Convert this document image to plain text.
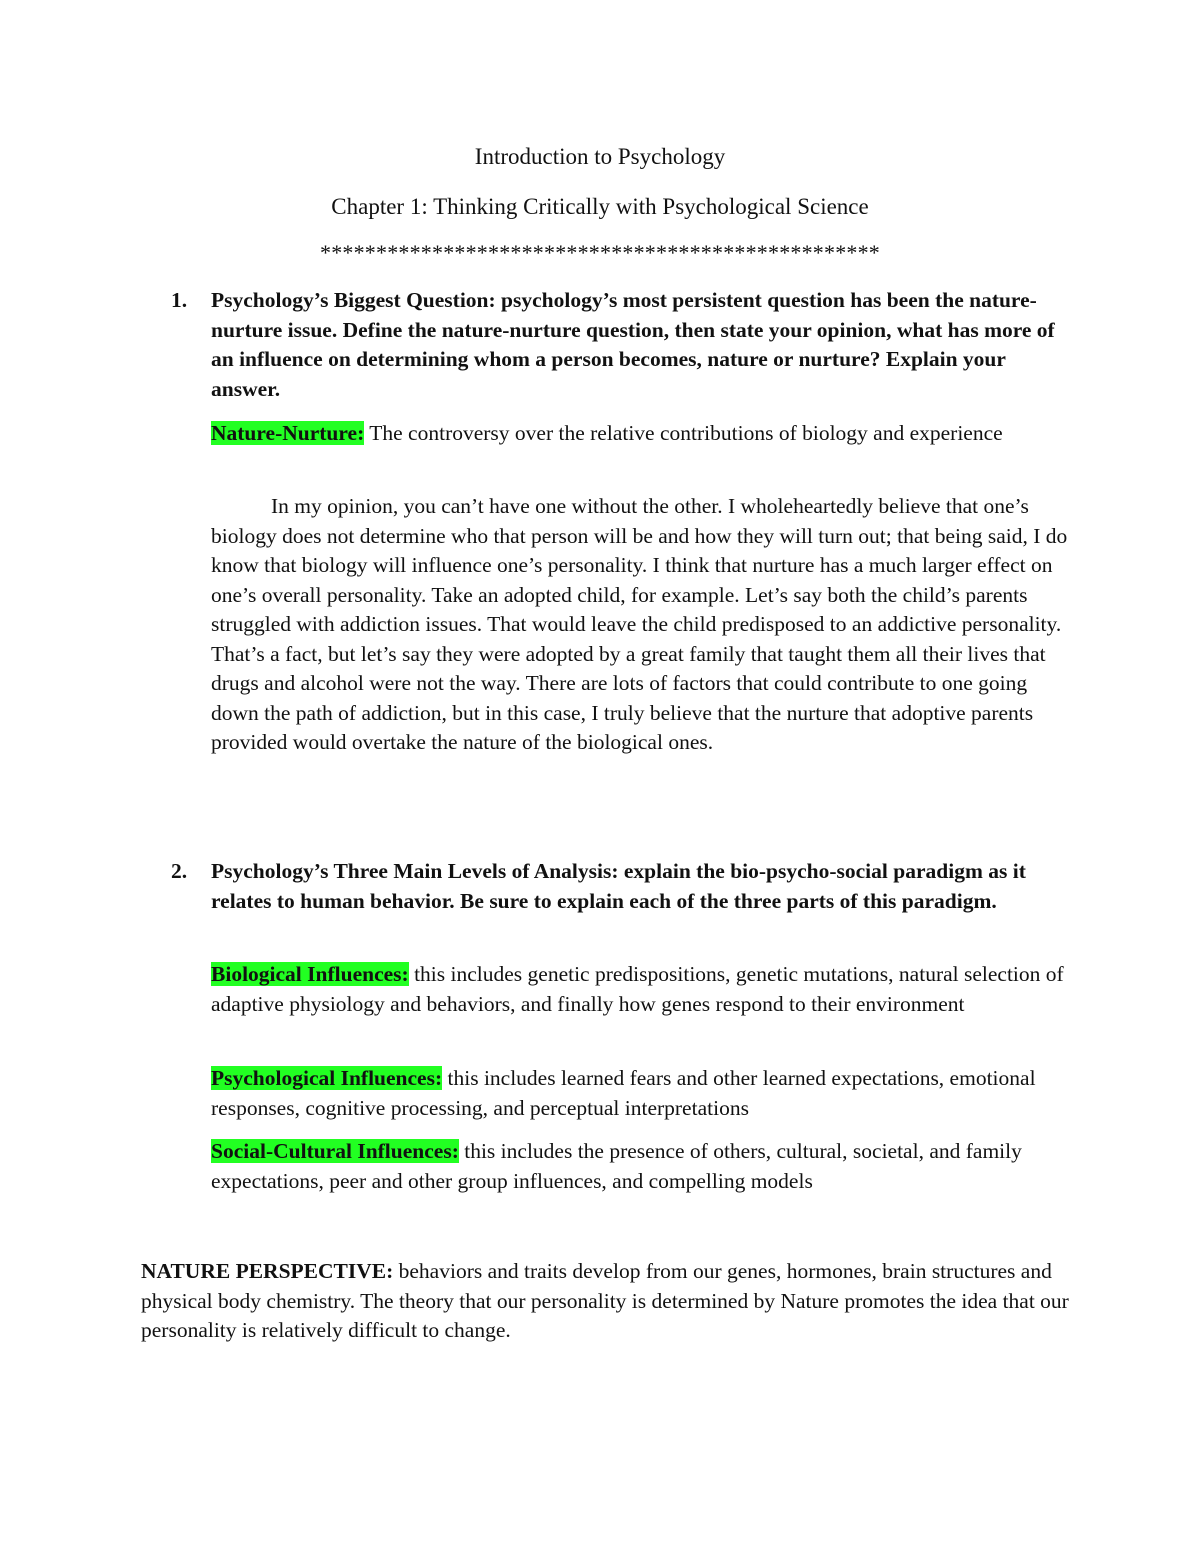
Introduction to Psychology
Chapter 1: Thinking Critically with Psychological Science
**************************************************
1. Psychology’s Biggest Question: psychology’s most persistent question has been the nature-nurture issue. Define the nature-nurture question, then state your opinion, what has more of an influence on determining whom a person becomes, nature or nurture? Explain your answer.
Nature-Nurture: The controversy over the relative contributions of biology and experience
In my opinion, you can’t have one without the other. I wholeheartedly believe that one’s biology does not determine who that person will be and how they will turn out; that being said, I do know that biology will influence one’s personality. I think that nurture has a much larger effect on one’s overall personality. Take an adopted child, for example. Let’s say both the child’s parents struggled with addiction issues. That would leave the child predisposed to an addictive personality. That’s a fact, but let’s say they were adopted by a great family that taught them all their lives that drugs and alcohol were not the way. There are lots of factors that could contribute to one going down the path of addiction, but in this case, I truly believe that the nurture that adoptive parents provided would overtake the nature of the biological ones.
2. Psychology’s Three Main Levels of Analysis: explain the bio-psycho-social paradigm as it relates to human behavior. Be sure to explain each of the three parts of this paradigm.
Biological Influences: this includes genetic predispositions, genetic mutations, natural selection of adaptive physiology and behaviors, and finally how genes respond to their environment
Psychological Influences: this includes learned fears and other learned expectations, emotional responses, cognitive processing, and perceptual interpretations
Social-Cultural Influences: this includes the presence of others, cultural, societal, and family expectations, peer and other group influences, and compelling models
NATURE PERSPECTIVE: behaviors and traits develop from our genes, hormones, brain structures and physical body chemistry. The theory that our personality is determined by Nature promotes the idea that our personality is relatively difficult to change.
